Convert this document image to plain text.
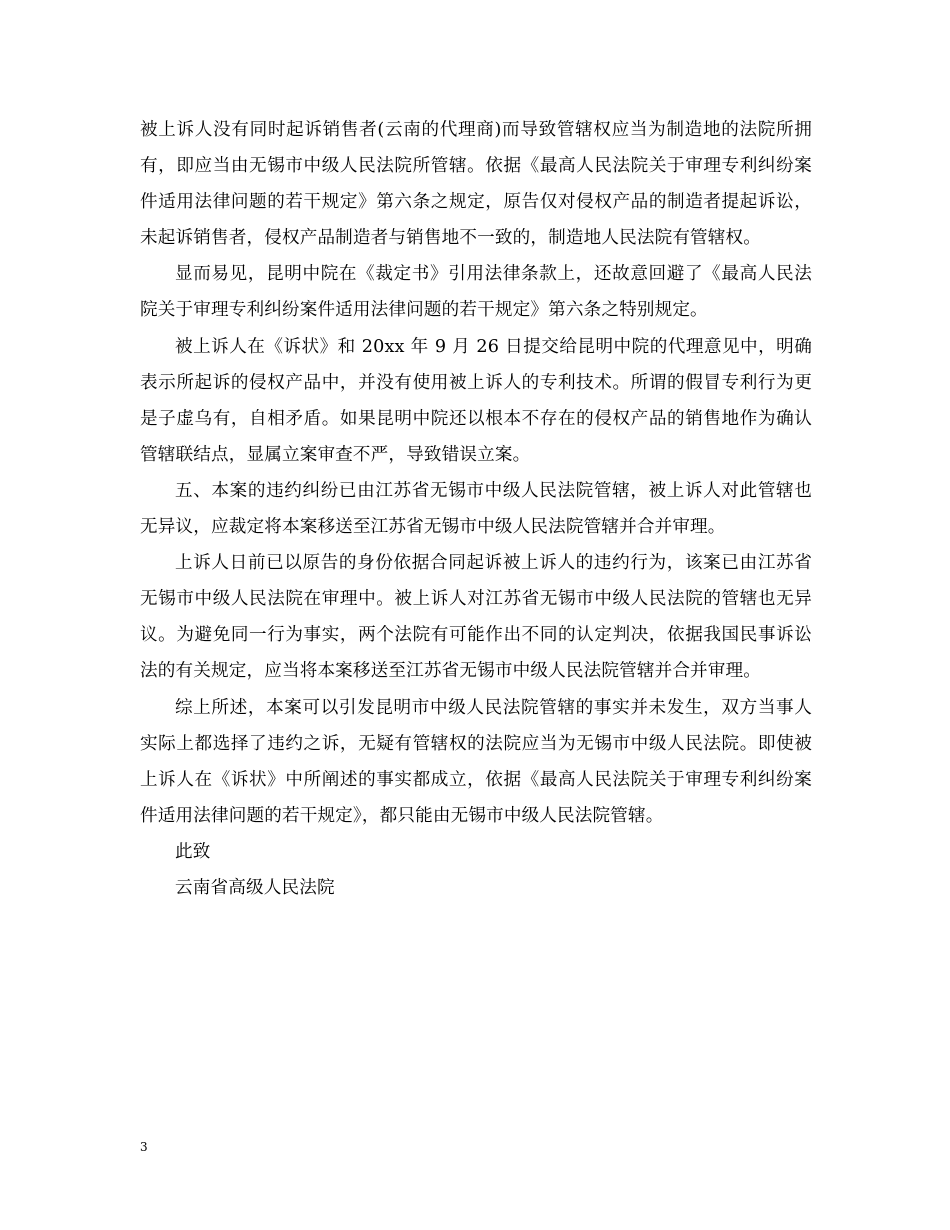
被上诉人没有同时起诉销售者(云南的代理商)而导致管辖权应当为制造地的法院所拥有，即应当由无锡市中级人民法院所管辖。依据《最高人民法院关于审理专利纠纷案件适用法律问题的若干规定》第六条之规定，原告仅对侵权产品的制造者提起诉讼，未起诉销售者，侵权产品制造者与销售地不一致的，制造地人民法院有管辖权。

显而易见，昆明中院在《裁定书》引用法律条款上，还故意回避了《最高人民法院关于审理专利纠纷案件适用法律问题的若干规定》第六条之特别规定。

被上诉人在《诉状》和 20xx 年 9 月 26 日提交给昆明中院的代理意见中，明确表示所起诉的侵权产品中，并没有使用被上诉人的专利技术。所谓的假冒专利行为更是子虚乌有，自相矛盾。如果昆明中院还以根本不存在的侵权产品的销售地作为确认管辖联结点，显属立案审查不严，导致错误立案。

五、本案的违约纠纷已由江苏省无锡市中级人民法院管辖，被上诉人对此管辖也无异议，应裁定将本案移送至江苏省无锡市中级人民法院管辖并合并审理。

上诉人日前已以原告的身份依据合同起诉被上诉人的违约行为，该案已由江苏省无锡市中级人民法院在审理中。被上诉人对江苏省无锡市中级人民法院的管辖也无异议。为避免同一行为事实，两个法院有可能作出不同的认定判决，依据我国民事诉讼法的有关规定，应当将本案移送至江苏省无锡市中级人民法院管辖并合并审理。

综上所述，本案可以引发昆明市中级人民法院管辖的事实并未发生，双方当事人实际上都选择了违约之诉，无疑有管辖权的法院应当为无锡市中级人民法院。即使被上诉人在《诉状》中所阐述的事实都成立，依据《最高人民法院关于审理专利纠纷案件适用法律问题的若干规定》，都只能由无锡市中级人民法院管辖。

此致

云南省高级人民法院

3
